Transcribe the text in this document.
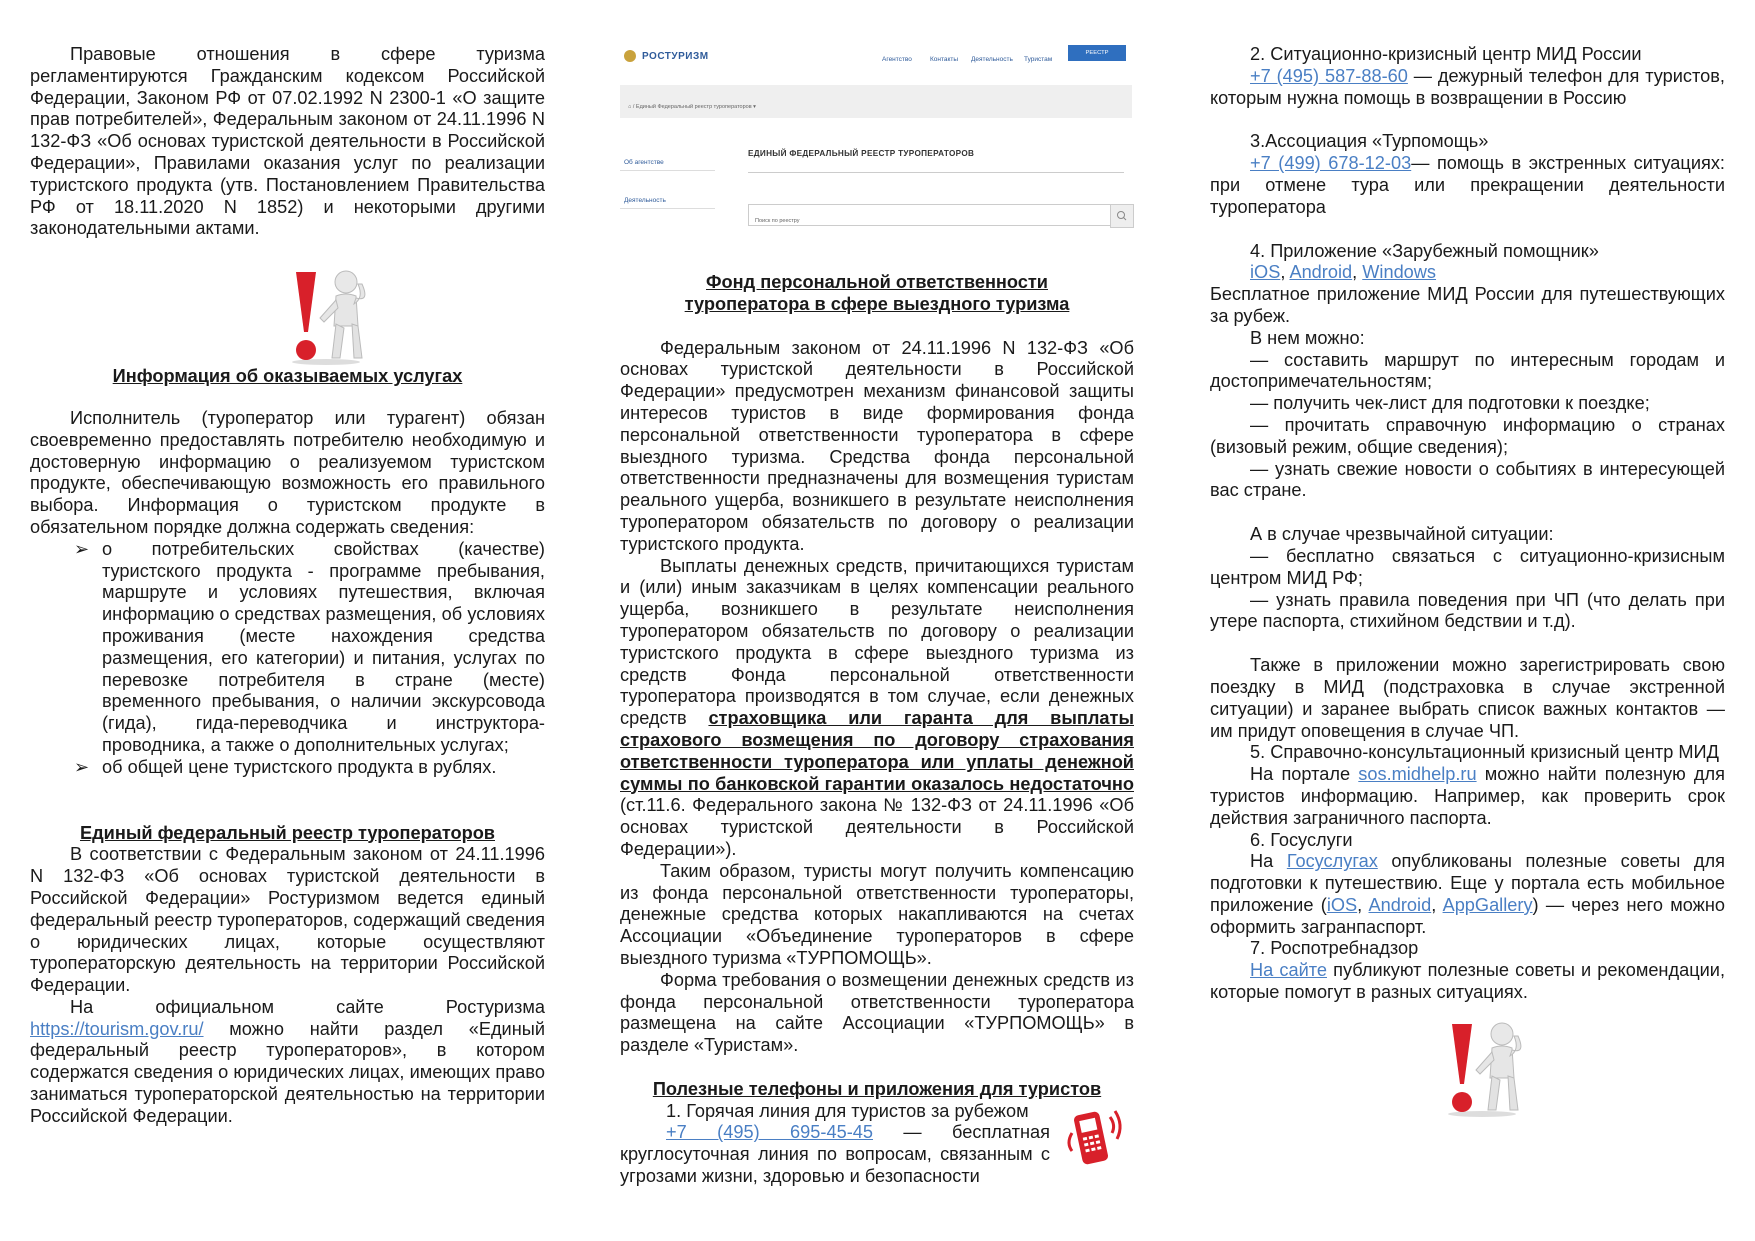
Правовые отношения в сфере туризма регламентируются Гражданским кодексом Российской Федерации, Законом РФ от 07.02.1992 N 2300-1 «О защите прав потребителей», Федеральным законом от 24.11.1996 N 132-ФЗ «Об основах туристской деятельности в Российской Федерации», Правилами оказания услуг по реализации туристского продукта (утв. Постановлением Правительства РФ от 18.11.2020 N 1852) и некоторыми другими законодательными актами.

Информация об оказываемых услугах

Исполнитель (туроператор или турагент) обязан своевременно предоставлять потребителю необходимую и достоверную информацию о реализуемом туристском продукте, обеспечивающую возможность его правильного выбора. Информация о туристском продукте в обязательном порядке должна содержать сведения:

➢ о потребительских свойствах (качестве) туристского продукта - программе пребывания, маршруте и условиях путешествия, включая информацию о средствах размещения, об условиях проживания (месте нахождения средства размещения, его категории) и питания, услугах по перевозке потребителя в стране (месте) временного пребывания, о наличии экскурсовода (гида), гида-переводчика и инструктора-проводника, а также о дополнительных услугах;

➢ об общей цене туристского продукта в рублях.

Единый федеральный реестр туроператоров

В соответствии с Федеральным законом от 24.11.1996 N 132-ФЗ «Об основах туристской деятельности в Российской Федерации» Ростуризмом ведется единый федеральный реестр туроператоров, содержащий сведения о юридических лицах, которые осуществляют туроператорскую деятельность на территории Российской Федерации.

На официальном сайте Ростуризма https://tourism.gov.ru/ можно найти раздел «Единый федеральный реестр туроператоров», в котором содержатся сведения о юридических лицах, имеющих право заниматься туроператорской деятельностью на территории Российской Федерации.

РОСТУРИЗМ	Агентство	Контакты Деятельность Туристам
РЕЕСТР ТУРОПЕРАТОРОВ
≡
⌂ / Единый Федеральный реестр туроператоров ▾
Об агентстве
Деятельность
ЕДИНЫЙ ФЕДЕРАЛЬНЫЙ РЕЕСТР ТУРОПЕРАТОРОВ
Поиск по реестру

Фонд персональной ответственности
туроператора в сфере выездного туризма

Федеральным законом от 24.11.1996 N 132-ФЗ «Об основах туристской деятельности в Российской Федерации» предусмотрен механизм финансовой защиты интересов туристов в виде формирования фонда персональной ответственности туроператора в сфере выездного туризма. Средства фонда персональной ответственности предназначены для возмещения туристам реального ущерба, возникшего в результате неисполнения туроператором обязательств по договору о реализации туристского продукта.

Выплаты денежных средств, причитающихся туристам и (или) иным заказчикам в целях компенсации реального ущерба, возникшего в результате неисполнения туроператором обязательств по договору о реализации туристского продукта в сфере выездного туризма из средств Фонда персональной ответственности туроператора производятся в том случае, если денежных средств страховщика или гаранта для выплаты страхового возмещения по договору страхования ответственности туроператора или уплаты денежной суммы по банковской гарантии оказалось недостаточно (ст.11.6. Федерального закона № 132-ФЗ от 24.11.1996 «Об основах туристской деятельности в Российской Федерации»).

Таким образом, туристы могут получить компенсацию из фонда персональной ответственности туроператоры, денежные средства которых накапливаются на счетах Ассоциации «Объединение туроператоров в сфере выездного туризма «ТУРПОМОЩЬ».

Форма требования о возмещении денежных средств из фонда персональной ответственности туроператора размещена на сайте Ассоциации «ТУРПОМОЩЬ» в разделе «Туристам».

Полезные телефоны и приложения для туристов

1. Горячая линия для туристов за рубежом
+7 (495) 695-45-45 — бесплатная круглосуточная линия по вопросам, связанным с угрозами жизни, здоровью и безопасности

2. Ситуационно-кризисный центр МИД России

+7 (495) 587-88-60 — дежурный телефон для туристов, которым нужна помощь в возвращении в Россию

3.Ассоциация «Турпомощь»

+7 (499) 678-12-03— помощь в экстренных ситуациях: при отмене тура или прекращении деятельности туроператора

4. Приложение «Зарубежный помощник»

iOS, Android, Windows

Бесплатное приложение МИД России для путешествующих за рубеж.

В нем можно:

— составить маршрут по интересным городам и достопримечательностям;

— получить чек-лист для подготовки к поездке;

— прочитать справочную информацию о странах (визовый режим, общие сведения);

— узнать свежие новости о событиях в интересующей вас стране.

А в случае чрезвычайной ситуации:

— бесплатно связаться с ситуационно-кризисным центром МИД РФ;

— узнать правила поведения при ЧП (что делать при утере паспорта, стихийном бедствии и т.д).

Также в приложении можно зарегистрировать свою поездку в МИД (подстраховка в случае экстренной ситуации) и заранее выбрать список важных контактов — им придут оповещения в случае ЧП.

5. Справочно-консультационный кризисный центр МИД

На портале sos.midhelp.ru можно найти полезную для туристов информацию. Например, как проверить срок действия заграничного паспорта.

6. Госуслуги

На Госуслугах опубликованы полезные советы для подготовки к путешествию. Еще у портала есть мобильное приложение (iOS, Android, AppGallery) — через него можно оформить загранпаспорт.

7. Роспотребнадзор

На сайте публикуют полезные советы и рекомендации, которые помогут в разных ситуациях.
